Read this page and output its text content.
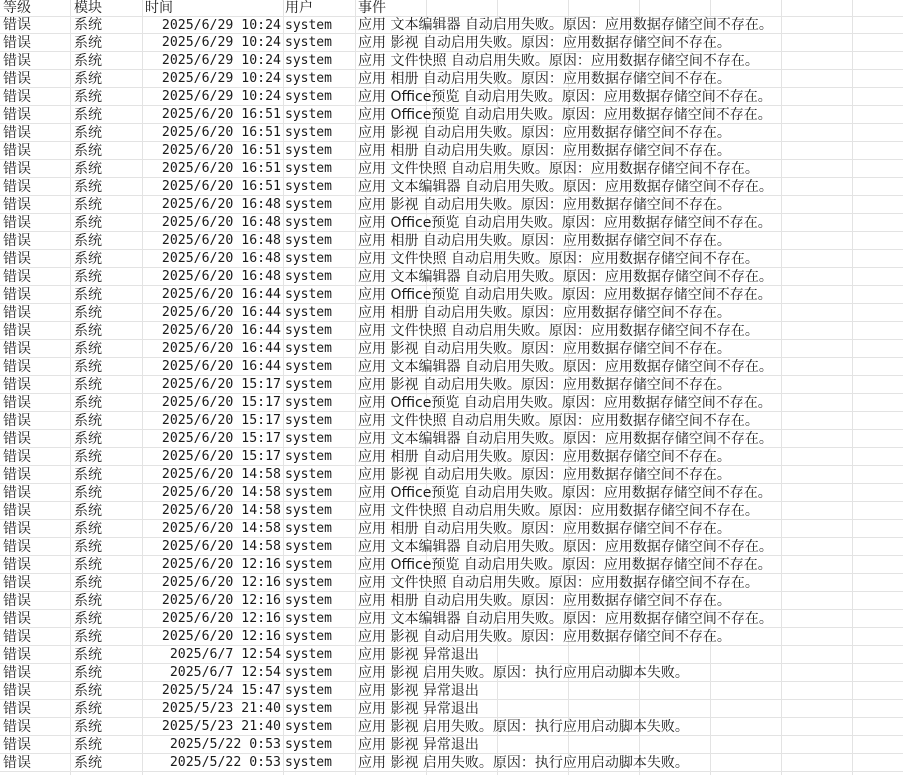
等级	模块	时间	用户	事件
错误	系统	2025/6/29 10:24 system 应用 文本编辑器 自动启用失败。原因：应用数据存储空间不存在。
错误	系统	2025/6/29 10:24 system 应用 影视 自动启用失败。原因：应用数据存储空间不存在。
错误	系统	2025/6/29 10:24 system 应用 文件快照 自动启用失败。原因：应用数据存储空间不存在。
错误	系统	2025/6/29 10:24 system 应用 相册 自动启用失败。原因：应用数据存储空间不存在。
错误	系统	2025/6/29 10:24 system 应用 Office预览 自动启用失败。原因：应用数据存储空间不存在。
错误	系统	2025/6/20 16:51 system 应用 Office预览 自动启用失败。原因：应用数据存储空间不存在。
错误	系统	2025/6/20 16:51 system 应用 影视 自动启用失败。原因：应用数据存储空间不存在。
错误	系统	2025/6/20 16:51 system 应用 相册 自动启用失败。原因：应用数据存储空间不存在。
错误	系统	2025/6/20 16:51 system 应用 文件快照 自动启用失败。原因：应用数据存储空间不存在。
错误	系统	2025/6/20 16:51 system 应用 文本编辑器 自动启用失败。原因：应用数据存储空间不存在。
错误	系统	2025/6/20 16:48 system 应用 影视 自动启用失败。原因：应用数据存储空间不存在。
错误	系统	2025/6/20 16:48 system 应用 Office预览 自动启用失败。原因：应用数据存储空间不存在。
错误	系统	2025/6/20 16:48 system 应用 相册 自动启用失败。原因：应用数据存储空间不存在。
错误	系统	2025/6/20 16:48 system 应用 文件快照 自动启用失败。原因：应用数据存储空间不存在。
错误	系统	2025/6/20 16:48 system 应用 文本编辑器 自动启用失败。原因：应用数据存储空间不存在。
错误	系统	2025/6/20 16:44 system 应用 Office预览 自动启用失败。原因：应用数据存储空间不存在。
错误	系统	2025/6/20 16:44 system 应用 相册 自动启用失败。原因：应用数据存储空间不存在。
错误	系统	2025/6/20 16:44 system 应用 文件快照 自动启用失败。原因：应用数据存储空间不存在。
错误	系统	2025/6/20 16:44 system 应用 影视 自动启用失败。原因：应用数据存储空间不存在。
错误	系统	2025/6/20 16:44 system 应用 文本编辑器 自动启用失败。原因：应用数据存储空间不存在。
错误	系统	2025/6/20 15:17 system 应用 影视 自动启用失败。原因：应用数据存储空间不存在。
错误	系统	2025/6/20 15:17 system 应用 Office预览 自动启用失败。原因：应用数据存储空间不存在。
错误	系统	2025/6/20 15:17 system 应用 文件快照 自动启用失败。原因：应用数据存储空间不存在。
错误	系统	2025/6/20 15:17 system 应用 文本编辑器 自动启用失败。原因：应用数据存储空间不存在。
错误	系统	2025/6/20 15:17 system 应用 相册 自动启用失败。原因：应用数据存储空间不存在。
错误	系统	2025/6/20 14:58 system 应用 影视 自动启用失败。原因：应用数据存储空间不存在。
错误	系统	2025/6/20 14:58 system 应用 Office预览 自动启用失败。原因：应用数据存储空间不存在。
错误	系统	2025/6/20 14:58 system 应用 文件快照 自动启用失败。原因：应用数据存储空间不存在。
错误	系统	2025/6/20 14:58 system 应用 相册 自动启用失败。原因：应用数据存储空间不存在。
错误	系统	2025/6/20 14:58 system 应用 文本编辑器 自动启用失败。原因：应用数据存储空间不存在。
错误	系统	2025/6/20 12:16 system 应用 Office预览 自动启用失败。原因：应用数据存储空间不存在。
错误	系统	2025/6/20 12:16 system 应用 文件快照 自动启用失败。原因：应用数据存储空间不存在。
错误	系统	2025/6/20 12:16 system 应用 相册 自动启用失败。原因：应用数据存储空间不存在。
错误	系统	2025/6/20 12:16 system 应用 文本编辑器 自动启用失败。原因：应用数据存储空间不存在。
错误	系统	2025/6/20 12:16 system 应用 影视 自动启用失败。原因：应用数据存储空间不存在。
错误	系统	2025/6/7 12:54 system 应用 影视 异常退出
错误	系统	2025/6/7 12:54 system 应用 影视 启用失败。原因：执行应用启动脚本失败。
错误	系统	2025/5/24 15:47 system 应用 影视 异常退出
错误	系统	2025/5/23 21:40 system 应用 影视 异常退出
错误	系统	2025/5/23 21:40 system 应用 影视 启用失败。原因：执行应用启动脚本失败。
错误	系统	2025/5/22 0:53 system 应用 影视 异常退出
错误	系统	2025/5/22 0:53 system 应用 影视 启用失败。原因：执行应用启动脚本失败。
